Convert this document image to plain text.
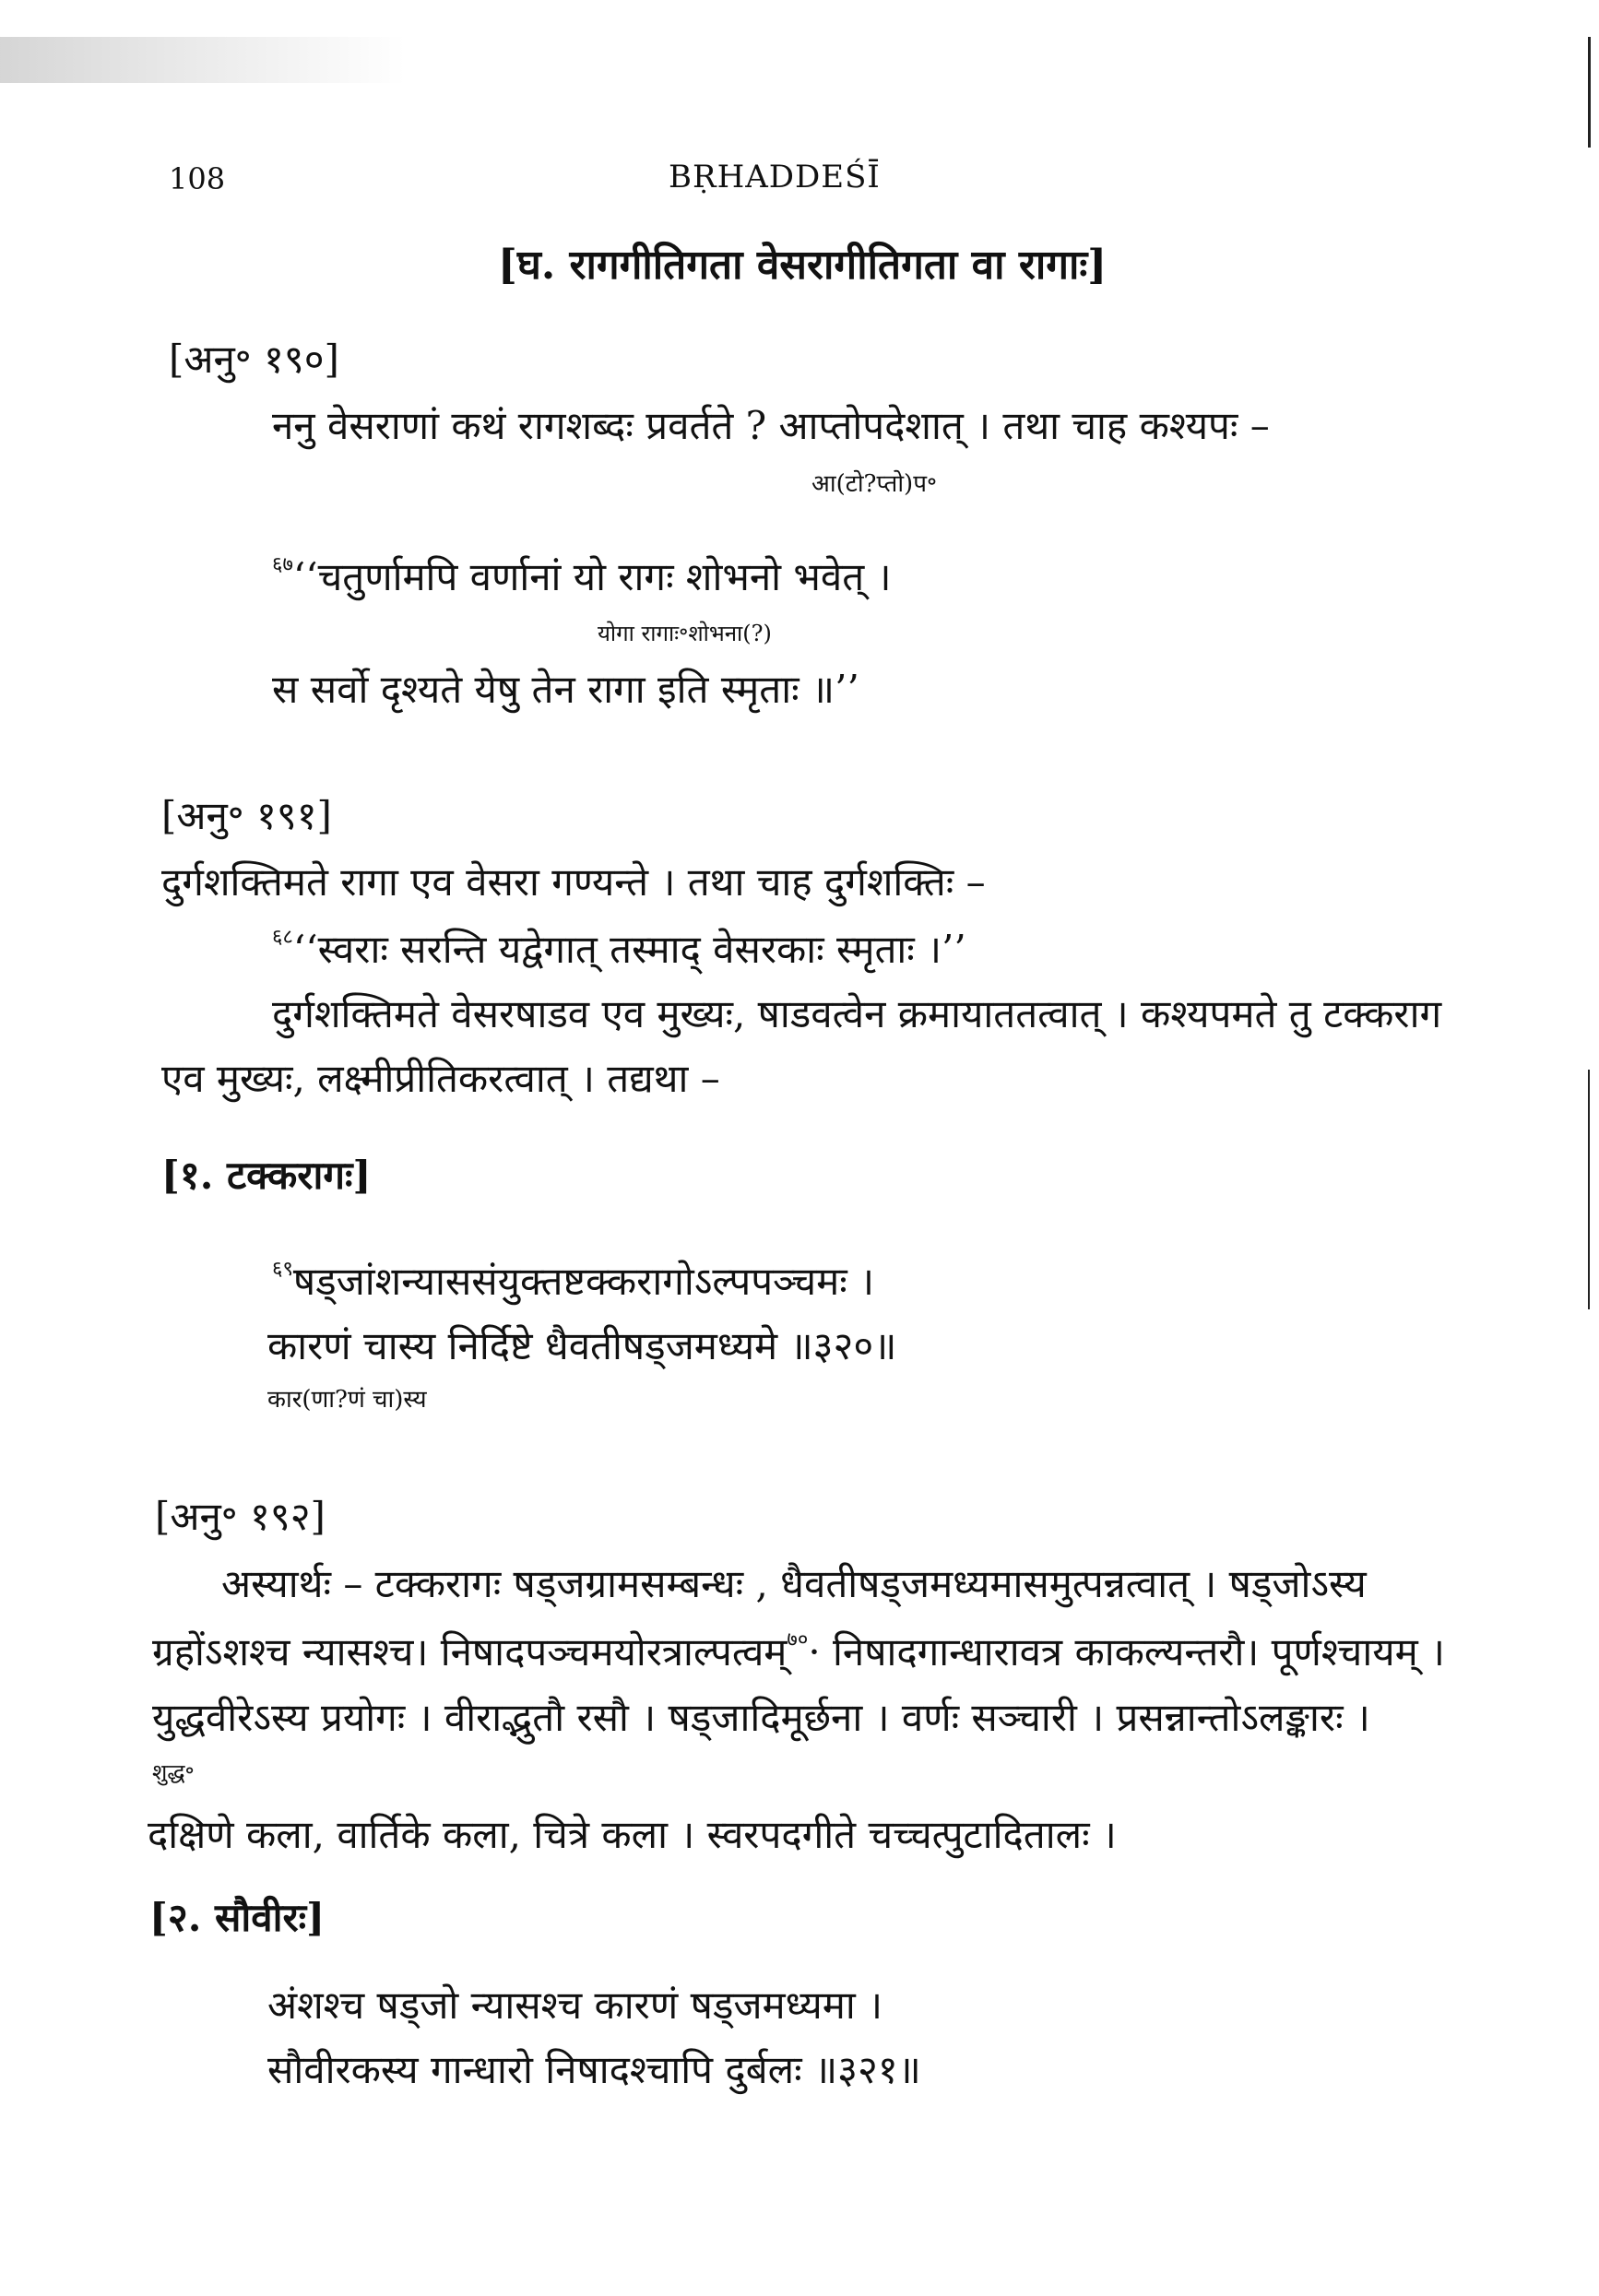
108	BṚHADDEŚĪ
[घ. रागगीतिगता वेसरागीतिगता वा रागाः]
[अनु॰ १९०]
ननु वेसराणां कथं रागशब्दः प्रवर्तते ? आप्तोपदेशात् । तथा चाह कश्यपः –
आ(टो?प्तो)प॰
$^{६७}$‘‘चतुर्णामपि वर्णानां यो रागः शोभनो भवेत् ।
योगा रागाः॰शोभना(?)
स सर्वो दृश्यते येषु तेन रागा इति स्मृताः ॥’’
[अनु॰ १९१]
दुर्गशक्तिमते रागा एव वेसरा गण्यन्ते । तथा चाह दुर्गशक्तिः –
$^{६८}$‘‘स्वराः सरन्ति यद्वेगात् तस्माद् वेसरकाः स्मृताः ।’’
दुर्गशक्तिमते वेसरषाडव एव मुख्यः, षाडवत्वेन क्रमायाततत्वात् । कश्यपमते तु टक्कराग
एव मुख्यः, लक्ष्मीप्रीतिकरत्वात् । तद्यथा –
[१. टक्करागः]
$^{६९}$षड्जांशन्याससंयुक्तष्टक्करागोऽल्पपञ्चमः ।
कारणं चास्य निर्दिष्टे धैवतीषड्जमध्यमे ॥३२०॥
कार(णा?णं चा)स्य
[अनु॰ १९२]
अस्यार्थः – टक्करागः षड्जग्रामसम्बन्धः , धैवतीषड्जमध्यमासमुत्पन्नत्वात् । षड्जोऽस्य
ग्रहोंऽशश्च न्यासश्च। निषादपञ्चमयोरत्राल्पत्वम्$^{७०}$· निषादगान्धारावत्र काकल्यन्तरौ। पूर्णश्चायम् ।
युद्धवीरेऽस्य प्रयोगः । वीराद्भुतौ रसौ । षड्जादिमूर्छना । वर्णः सञ्चारी । प्रसन्नान्तोऽलङ्कारः ।
शुद्ध॰
दक्षिणे कला, वार्तिके कला, चित्रे कला । स्वरपदगीते चच्चत्पुटादितालः ।
[२. सौवीरः]
अंशश्च षड्जो न्यासश्च कारणं षड्जमध्यमा ।
सौवीरकस्य गान्धारो निषादश्चापि दुर्बलः ॥३२१॥
